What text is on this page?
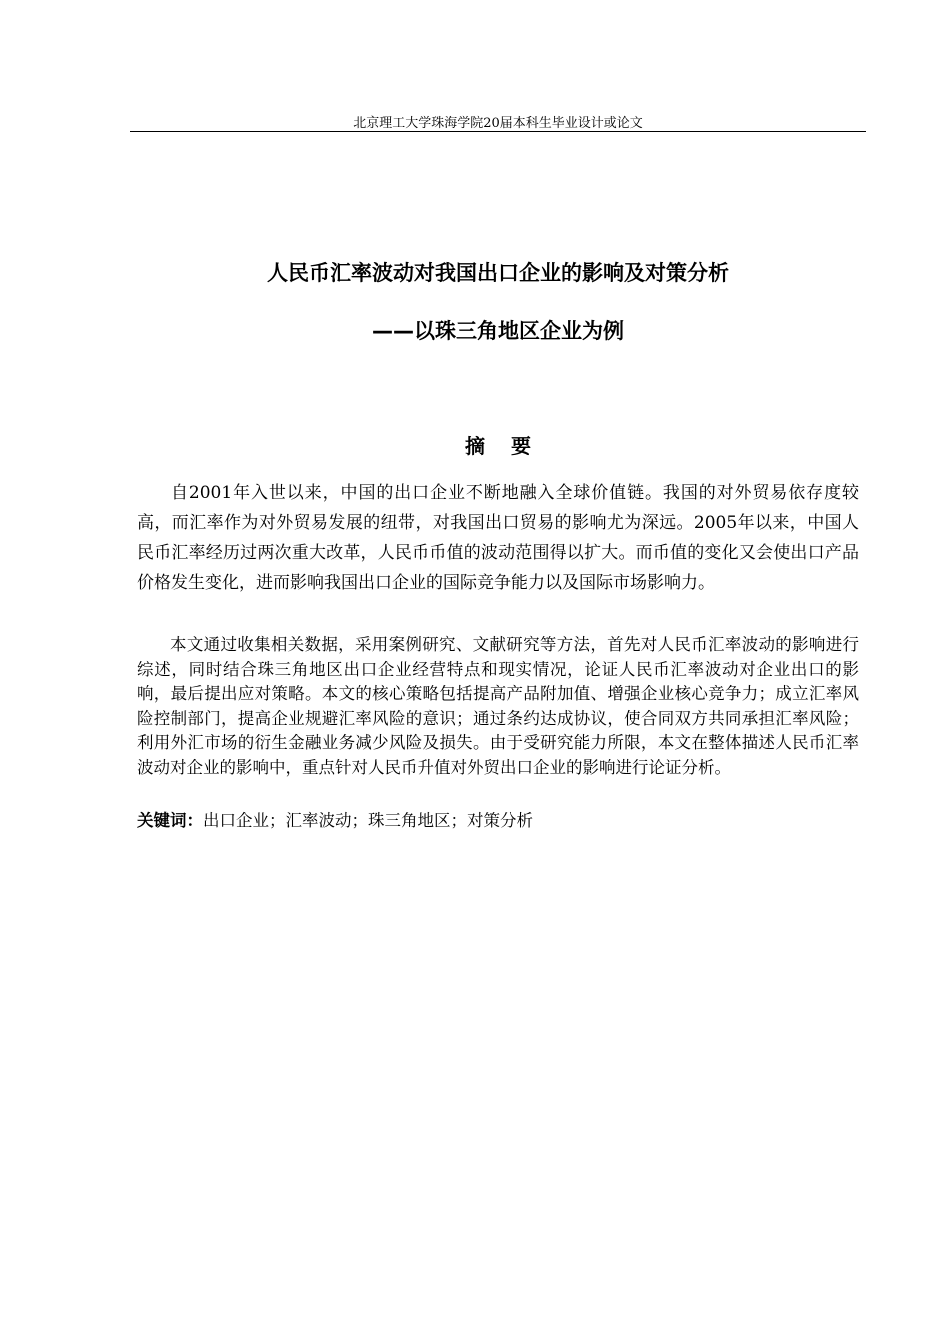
北京理工大学珠海学院20届本科生毕业设计或论文
人民币汇率波动对我国出口企业的影响及对策分析
——以珠三角地区企业为例
摘要

自2001年入世以来，中国的出口企业不断地融入全球价值链。我国的对外贸易依存度较高，而汇率作为对外贸易发展的纽带，对我国出口贸易的影响尤为深远。2005年以来，中国人民币汇率经历过两次重大改革，人民币币值的波动范围得以扩大。而币值的变化又会使出口产品价格发生变化，进而影响我国出口企业的国际竞争能力以及国际市场影响力。

本文通过收集相关数据，采用案例研究、文献研究等方法，首先对人民币汇率波动的影响进行综述，同时结合珠三角地区出口企业经营特点和现实情况，论证人民币汇率波动对企业出口的影响，最后提出应对策略。本文的核心策略包括提高产品附加值、增强企业核心竞争力；成立汇率风险控制部门，提高企业规避汇率风险的意识；通过条约达成协议，使合同双方共同承担汇率风险；利用外汇市场的衍生金融业务减少风险及损失。由于受研究能力所限，本文在整体描述人民币汇率波动对企业的影响中，重点针对人民币升值对外贸出口企业的影响进行论证分析。

关键词：出口企业；汇率波动；珠三角地区；对策分析
